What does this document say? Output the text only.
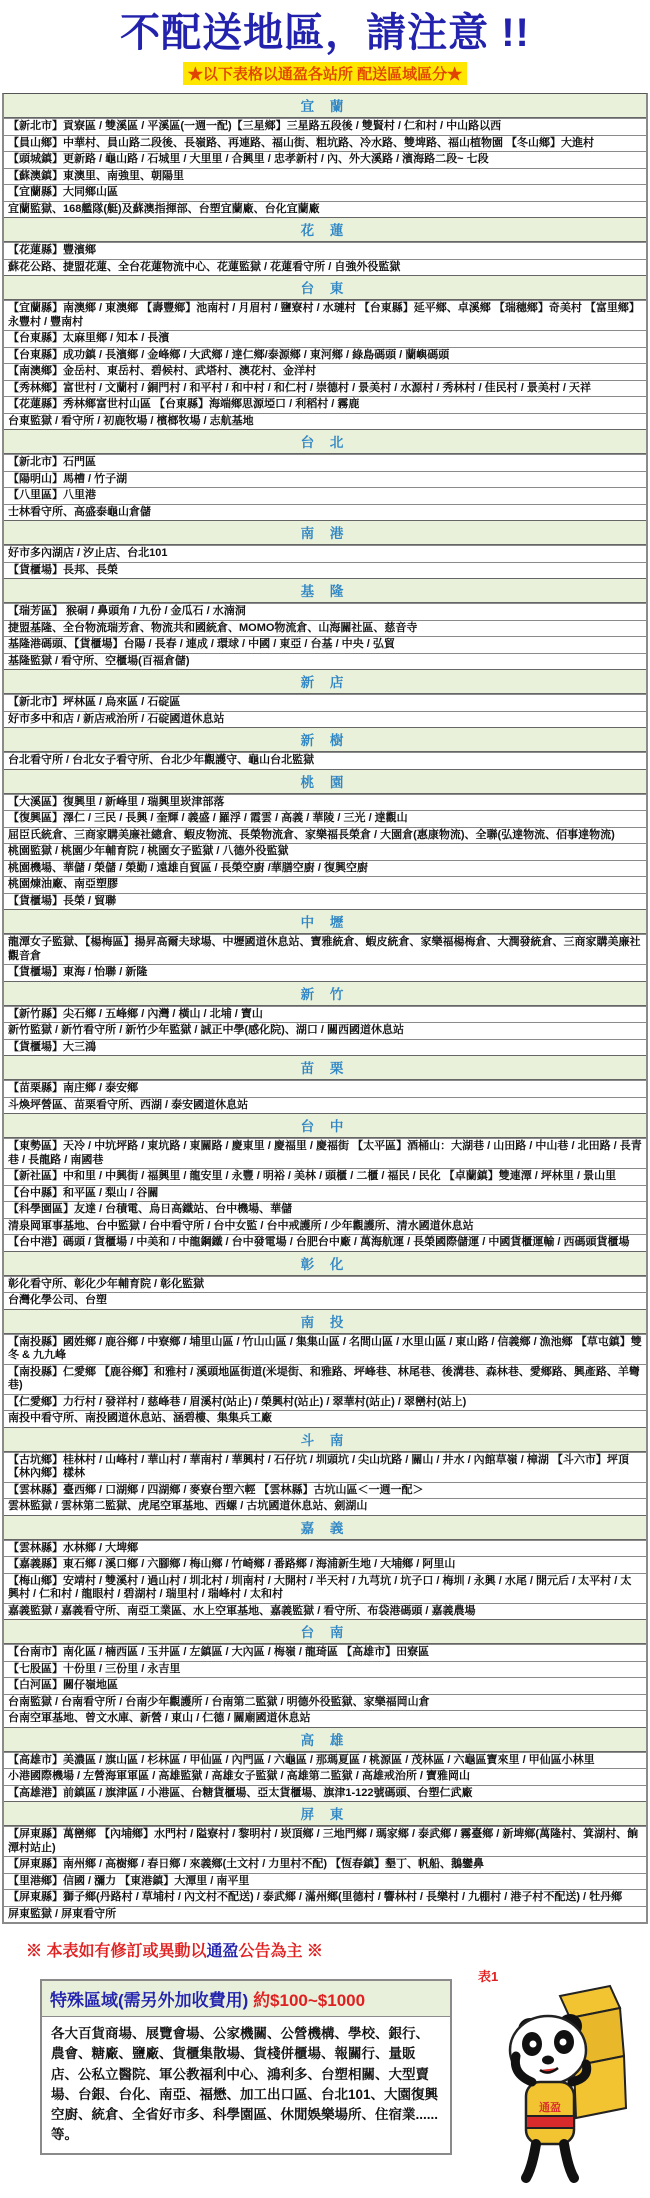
不配送地區，請注意 !!
★以下表格以通盈各站所 配送區域區分★
宜 蘭
【新北市】貢寮區 / 雙溪區 / 平溪區(一週一配)【三星鄉】三星路五段後 / 雙賢村 / 仁和村 / 中山路以西
【員山鄉】中華村、員山路二段後、長嶺路、再連路、福山街、粗坑路、冷水路、雙埤路、福山植物園 【冬山鄉】大進村
【頭城鎮】更新路 / 龜山路 / 石城里 / 大里里 / 合興里 / 忠孝新村 / 內、外大溪路 / 濱海路二段~ 七段
【蘇澳鎮】東澳里、南強里、朝陽里
【宜蘭縣】大同鄉山區
宜蘭監獄、168艦隊(艇)及蘇澳指揮部、台塑宜蘭廠、台化宜蘭廠
花 蓮
【花蓮縣】豐濱鄉
蘇花公路、捷盟花蓮、全台花蓮物流中心、花蓮監獄 / 花蓮看守所 / 自強外役監獄
台 東
【宜蘭縣】南澳鄉 / 東澳鄉 【壽豐鄉】池南村 / 月眉村 / 鹽寮村 / 水璉村 【台東縣】延平鄉、卓溪鄉 【瑞穗鄉】奇美村 【富里鄉】永豐村 / 豐南村
【台東縣】太麻里鄉 / 知本 / 長濱
【台東縣】成功鎮 / 長濱鄉 / 金峰鄉 / 大武鄉 / 達仁鄉/泰源鄉 / 東河鄉 / 綠島碼頭 / 蘭嶼碼頭
【南澳鄉】金岳村、東岳村、碧候村、武塔村、澳花村、金洋村
【秀林鄉】富世村 / 文蘭村 / 銅門村 / 和平村 / 和中村 / 和仁村 / 崇德村 / 景美村 / 水源村 / 秀林村 / 佳民村 / 景美村 / 天祥
【花蓮縣】秀林鄉富世村山區 【台東縣】海端鄉思源埡口 / 利稻村 / 霧鹿
台東監獄 / 看守所 / 初鹿牧場 / 檳榔牧場 / 志航基地
台 北
【新北市】石門區
【陽明山】馬槽 / 竹子湖
【八里區】八里港
士林看守所、高盛泰龜山倉儲
南 港
好市多內湖店 / 汐止店、台北101
【貨櫃場】長邦、長榮
基 隆
【瑞芳區】 猴硐 / 鼻頭角 / 九份 / 金瓜石 / 水湳洞
捷盟基隆、全台物流瑞芳倉、物流共和國統倉、MOMO物流倉、山海關社區、慈音寺
基隆港碼頭、【貨櫃場】台陽 / 長春 / 連成 / 環球 / 中國 / 東亞 / 台基 / 中央 / 弘貿
基隆監獄 / 看守所、空櫃場(百福倉儲)
新 店
【新北市】坪林區 / 烏來區 / 石碇區
好市多中和店 / 新店戒治所 / 石碇國道休息站
新 樹
台北看守所 / 台北女子看守所、台北少年觀護守、龜山台北監獄
桃 園
【大溪區】復興里 / 新峰里 / 瑞興里崁津部落
【復興區】澤仁 / 三民 / 長興 / 奎輝 / 義盛 / 羅浮 / 霞雲 / 高義 / 華陵 / 三光 / 達觀山
屈臣氏統倉、三商家購美廉社總倉、蝦皮物流、長榮物流倉、家樂福長榮倉 / 大園倉(惠康物流)、全聯(弘達物流、佰事達物流)
桃園監獄 / 桃園少年輔育院 / 桃園女子監獄 / 八德外役監獄
桃園機場、華儲 / 榮儲 / 榮勤 / 遠雄自貿區 / 長榮空廚 /華膳空廚 / 復興空廚
桃園煉油廠、南亞塑膠
【貨櫃場】長榮 / 貿聯
中 壢
龍潭女子監獄、【楊梅區】揚昇高爾夫球場、中壢國道休息站、寶雅統倉、蝦皮統倉、家樂福楊梅倉、大潤發統倉、三商家購美廉社觀音倉
【貨櫃場】東海 / 怡聯 / 新隆
新 竹
【新竹縣】尖石鄉 / 五峰鄉 / 內灣 / 橫山 / 北埔 / 寶山
新竹監獄 / 新竹看守所 / 新竹少年監獄 / 誠正中學(感化院)、湖口 / 關西國道休息站
【貨櫃場】大三鴻
苗 栗
【苗栗縣】南庄鄉 / 泰安鄉
斗煥坪營區、苗栗看守所、西湖 / 泰安國道休息站
台 中
【東勢區】天冷 / 中坑坪路 / 東坑路 / 東關路 / 慶東里 / 慶福里 / 慶福街 【太平區】酒桶山：大湖巷 / 山田路 / 中山巷 / 北田路 / 長青巷 / 長龍路 / 南國巷
【新社區】中和里 / 中興街 / 福興里 / 龍安里 / 永豐 / 明裕 / 美林 / 頭櫃 / 二櫃 / 福民 / 民化 【卓蘭鎮】雙連潭 / 坪林里 / 景山里
【台中縣】和平區 / 梨山 / 谷關
【科學園區】友達 / 台積電、烏日高鐵站、台中機場、華儲
清泉岡軍事基地、台中監獄 / 台中看守所 / 台中女監 / 台中戒護所 / 少年觀護所、清水國道休息站
【台中港】碼頭 / 貨櫃場 / 中美和 / 中龍鋼鐵 / 台中發電場 / 台肥台中廠 / 萬海航運 / 長榮國際儲運 / 中國貨櫃運輸 / 西碼頭貨櫃場
彰 化
彰化看守所、彰化少年輔育院 / 彰化監獄
台灣化學公司、台塑
南 投
【南投縣】國姓鄉 / 鹿谷鄉 / 中寮鄉 / 埔里山區 / 竹山山區 / 集集山區 / 名間山區 / 水里山區 / 東山路 / 信義鄉 / 漁池鄉 【草屯鎮】雙冬 & 九九峰
【南投縣】仁愛鄉 【鹿谷鄉】和雅村 / 溪頭地區街道(米堤街、和雅路、坪峰巷、林尾巷、後溝巷、森林巷、愛鄉路、興產路、羊彎巷)
【仁愛鄉】力行村 / 發祥村 / 慈峰巷 / 眉溪村(站止) / 榮興村(站止) / 翠華村(站止) / 翠巒村(站上)
南投中看守所、南投國道休息站、涵碧樓、集集兵工廠
斗 南
【古坑鄉】桂林村 / 山峰村 / 華山村 / 華南村 / 華興村 / 石仔坑 / 圳頭坑 / 尖山坑路 / 關山 / 井水 / 內館草嶺 / 樟湖 【斗六市】坪頂 【林內鄉】樣林
【雲林縣】臺西鄉 / 口湖鄉 / 四湖鄉 / 麥寮台塑六輕 【雲林縣】古坑山區＜一週一配＞
雲林監獄 / 雲林第二監獄、虎尾空軍基地、西螺 / 古坑國道休息站、劍湖山
嘉 義
【雲林縣】水林鄉 / 大埤鄉
【嘉義縣】東石鄉 / 溪口鄉 / 六腳鄉 / 梅山鄉 / 竹崎鄉 / 番路鄉 / 海浦新生地 / 大埔鄉 / 阿里山
【梅山鄉】安靖村 / 雙溪村 / 過山村 / 圳北村 / 圳南村 / 大開村 / 半天村 / 九芎坑 / 坑子口 / 梅圳 / 永興 / 水尾 / 開元后 / 太平村 / 太興村 / 仁和村 / 龍眼村 / 碧湖村 / 瑞里村 / 瑞峰村 / 太和村
嘉義監獄 / 嘉義看守所、南亞工業區、水上空軍基地、嘉義監獄 / 看守所、布袋港碼頭 / 嘉義農場
台 南
【台南市】南化區 / 楠西區 / 玉井區 / 左鎮區 / 大內區 / 梅嶺 / 龍琦區 【高雄市】田寮區
【七股區】十份里 / 三份里 / 永吉里
【白河區】關仔嶺地區
台南監獄 / 台南看守所 / 台南少年觀護所 / 台南第二監獄 / 明德外役監獄、家樂福岡山倉
台南空軍基地、曾文水庫、新營 / 東山 / 仁德 / 關廟國道休息站
高 雄
【高雄市】美濃區 / 旗山區 / 杉林區 / 甲仙區 / 內門區 / 六龜區 / 那瑪夏區 / 桃源區 / 茂林區 / 六龜區寶來里 / 甲仙區小林里
小港國際機場 / 左營海軍軍區 / 高雄監獄 / 高雄女子監獄 / 高雄第二監獄 / 高雄戒治所 / 寶雅岡山
【高雄港】前鎮區 / 旗津區 / 小港區、台糖貨櫃場、亞太貨櫃場、旗津1-122號碼頭、台塑仁武廠
屏 東
【屏東縣】萬巒鄉 【內埔鄉】水門村 / 隘寮村 / 黎明村 / 崁頂鄉 / 三地門鄉 / 瑪家鄉 / 泰武鄉 / 霧臺鄉 / 新埤鄉(萬隆村、箕湖村、餉潭村站止)
【屏東縣】南州鄉 / 高樹鄉 / 春日鄉 / 來義鄉(土文村 / 力里村不配) 【恆春鎮】墾丁、帆船、鵝鑾鼻
【里港鄉】信國 / 瀰力 【東港鎮】大潭里 / 南平里
【屏東縣】獅子鄉(丹路村 / 草埔村 / 內文村不配送) / 泰武鄉 / 滿州鄉(里德村 / 響林村 / 長樂村 / 九棚村 / 港子村不配送) / 牡丹鄉
屏東監獄 / 屏東看守所
※ 本表如有修訂或異動以通盈公告為主 ※
表1
特殊區域(需另外加收費用) 約$100~$1000
各大百貨商場、展覽會場、公家機關、公營機構、學校、銀行、農會、糖廠、鹽廠、貨櫃集散場、貨棧併櫃場、報關行、量販店、公私立醫院、軍公教福利中心、鴻利多、台塑相關、大型賣場、台銀、台化、南亞、福懋、加工出口區、台北101、大園復興空廚、統倉、全省好市多、科學園區、休閒娛樂場所、住宿業......等。
通盈
